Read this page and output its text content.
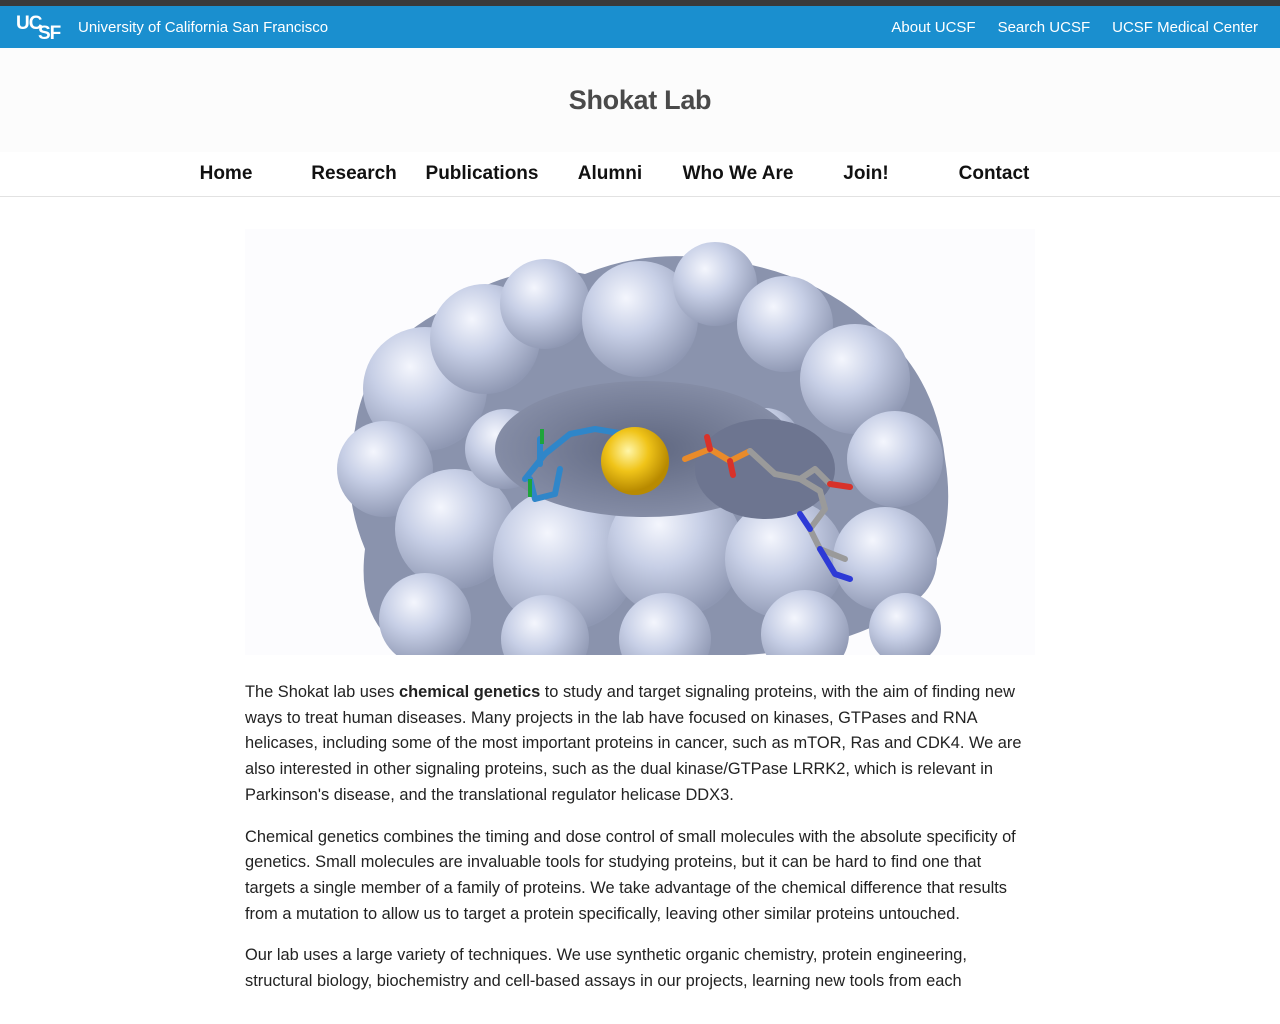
UC
SF University of California San Francisco	About UCSF Search UCSF UCSF Medical Center
Shokat Lab
Home	Research	Publications	Alumni	Who We Are	Join!	Contact

The Shokat lab uses chemical genetics to study and target signaling proteins, with the aim of finding new ways to treat human diseases. Many projects in the lab have focused on kinases, GTPases and RNA helicases, including some of the most important proteins in cancer, such as mTOR, Ras and CDK4. We are also interested in other signaling proteins, such as the dual kinase/GTPase LRRK2, which is relevant in Parkinson's disease, and the translational regulator helicase DDX3.

Chemical genetics combines the timing and dose control of small molecules with the absolute specificity of genetics. Small molecules are invaluable tools for studying proteins, but it can be hard to find one that targets a single member of a family of proteins. We take advantage of the chemical difference that results from a mutation to allow us to target a protein specifically, leaving other similar proteins untouched.

Our lab uses a large variety of techniques. We use synthetic organic chemistry, protein engineering, structural biology, biochemistry and cell-based assays in our projects, learning new tools from each
